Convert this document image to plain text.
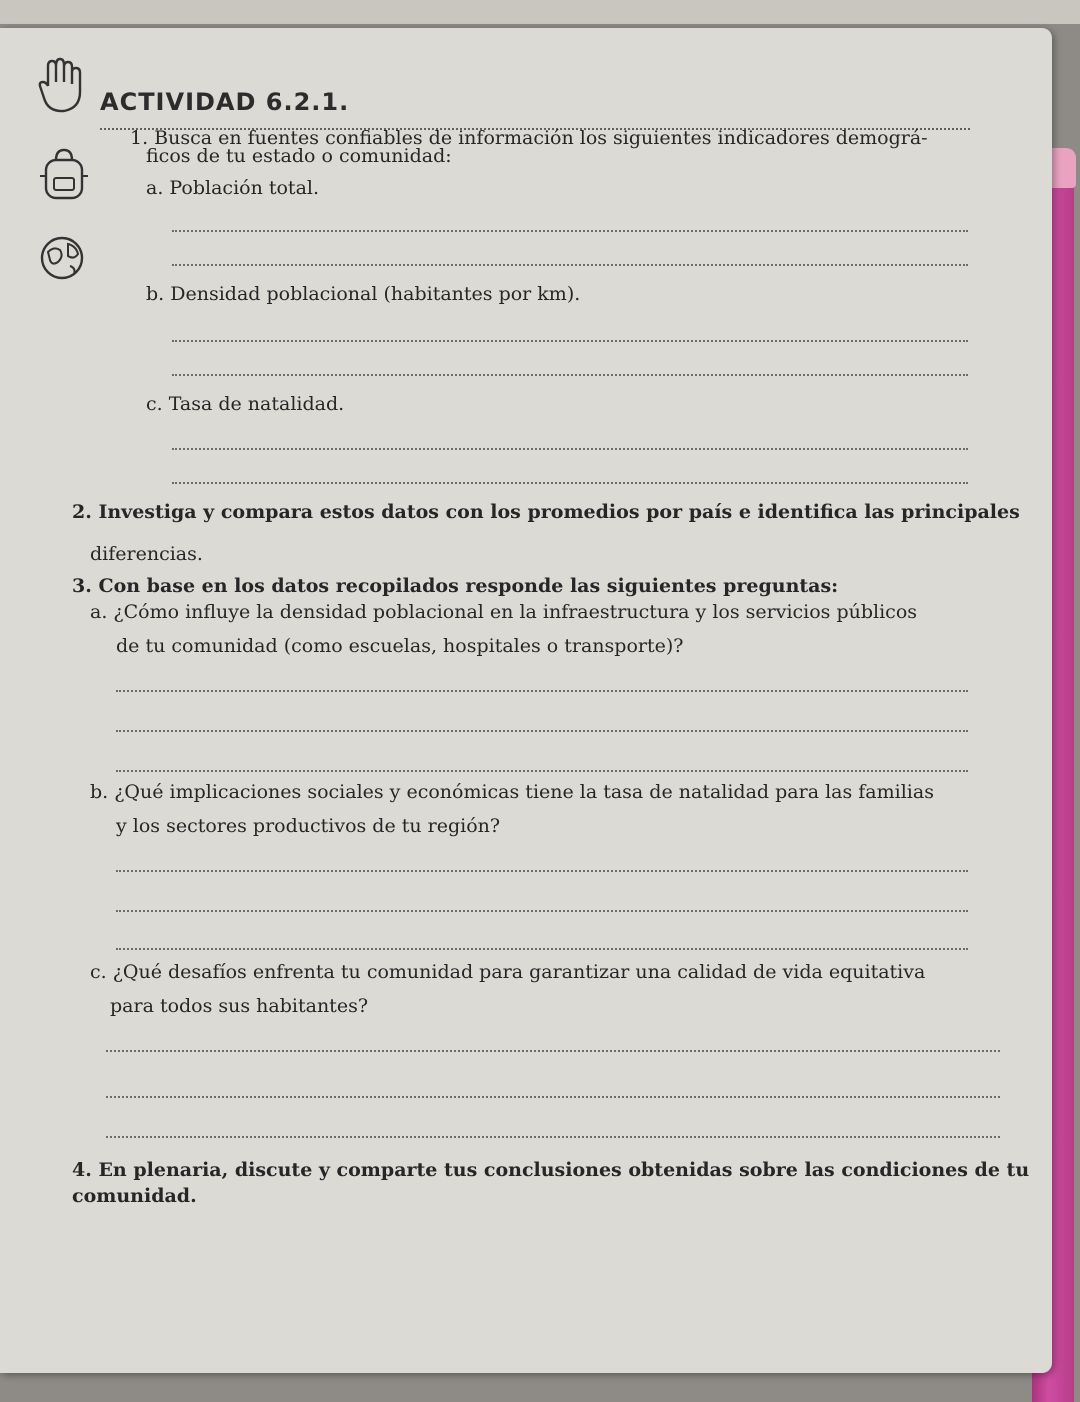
ACTIVIDAD 6.2.1.

1. Busca en fuentes confiables de información los siguientes indicadores demográ-

ficos de tu estado o comunidad:

a. Población total.

b. Densidad poblacional (habitantes por km).

c. Tasa de natalidad.

2. Investiga y compara estos datos con los promedios por país e identifica las principales

diferencias.

3. Con base en los datos recopilados responde las siguientes preguntas:

a. ¿Cómo influye la densidad poblacional en la infraestructura y los servicios públicos

de tu comunidad (como escuelas, hospitales o transporte)?

b. ¿Qué implicaciones sociales y económicas tiene la tasa de natalidad para las familias

y los sectores productivos de tu región?

c. ¿Qué desafíos enfrenta tu comunidad para garantizar una calidad de vida equitativa

para todos sus habitantes?

4. En plenaria, discute y comparte tus conclusiones obtenidas sobre las condiciones de tu

comunidad.
